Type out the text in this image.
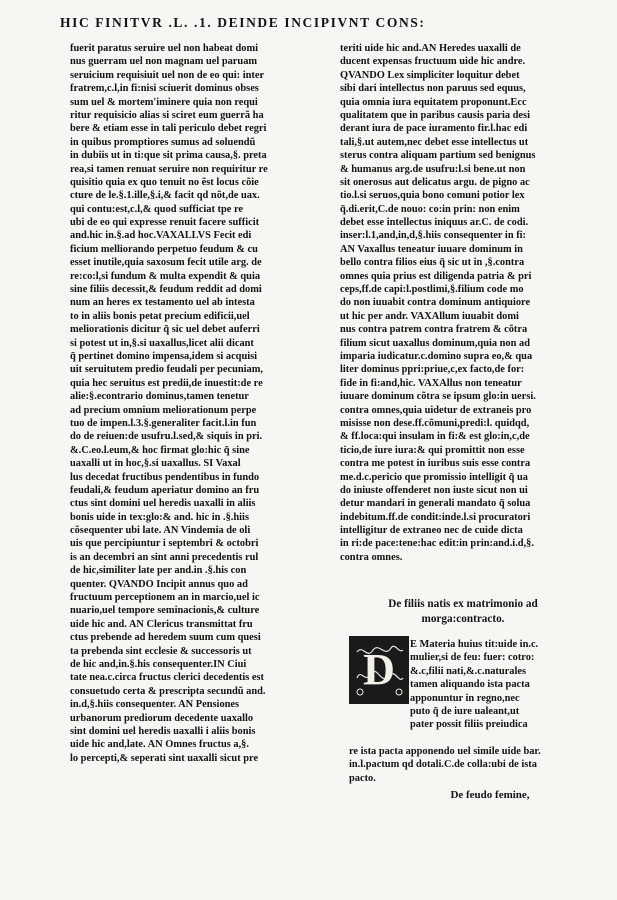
HIC FINITVR .L. .1. DEINDE INCIPIVNT CONS:
fuerit paratus seruire uel non habeat domi
nus guerram uel non magnam uel paruam
seruicium requisiuit uel non de eo qui: inter
fratrem,c.l,in fi:nisi sciuerit dominus obses
sum uel & mortem'iminere quia non requi
ritur requisicio alias si sciret eum guerrã ha
bere & etiam esse in tali periculo debet regri
in quibus promptiores sumus ad soluendũ
in dubiis ut in ti:que sit prima causa,§. preta
rea,si tamen renuat seruire non requiritur re
quisitio quia ex quo tenuit no ẽst locus cõie
cture de le.§.1.ille,§.i,& facit qd nõt,de uax.
qui contu:est,c.l,& quod sufficiat tpe re
ubi de eo qui expresse renuit facere sufficit
and.hic in.§.ad hoc.VAXALLVS Fecit edi
ficium melliorando perpetuo feudum & cu
esset inutile,quia saxosum fecit utile arg. de
re:co:l,si fundum & multa expendit & quia
sine filiis decessit,& feudum reddit ad domi
num an heres ex testamento uel ab intesta
to in aliis bonis petat precium edificii,uel
meliorationis dicitur q̃ sic uel debet auferri
si potest ut in,§.si uaxallus,licet alii dicant
q̃ pertinet domino impensa,idem si acquisi
uit seruitutem predio feudali per pecuniam,
quia hec seruitus est predii,de inuestit:de re
alie:§.econtrario dominus,tamen tenetur
ad precium omnium meliorationum perpe
tuo de impen.l.3.§.generaliter facit.l.in fun
do de reiuen:de usufru.l.sed,& siquis in pri.
&.C.eo.l.eum,& hoc firmat glo:hic q̃ sine
uaxalli ut in hoc,§.si uaxallus. SI Vaxal
lus decedat fructibus pendentibus in fundo
feudali,& feudum aperiatur domino an fru
ctus sint domini uel heredis uaxalli in aliis
bonis uide in tex:glo:& and. hic in .§.hiis
cõsequenter ubi late. AN Vindemia de oli
uis que percipiuntur i septembri & octobri
is an decembri an sint anni precedentis rul
de hic,similiter late per and.in .§.his con
quenter. QVANDO Incipit annus quo ad
fructuum perceptionem an in marcio,uel ic
nuario,uel tempore seminacionis,& culture
uide hic and. AN Clericus transmittat fru
ctus prebende ad heredem suum cum quesi
ta prebenda sint ecclesie & successoris ut
de hic and,in.§.his consequenter.IN Ciui
tate nea.c.circa fructus clerici decedentis est
consuetudo certa & prescripta secundũ and.
in.d,§.hiis consequenter. AN Pensiones
urbanorum prediorum decedente uaxallo
sint domini uel heredis uaxalli i aliis bonis
uide hic and,late. AN Omnes fructus a,§.
lo percepti,& seperati sint uaxalli sicut pre
teriti uide hic and.AN Heredes uaxalli de
ducent expensas fructuum uide hic andre.
QVANDO Lex simpliciter loquitur debet
sibi dari intellectus non paruus sed equus,
quia omnia iura equitatem proponunt.Ecc
qualitatem que in paribus causis paria desi
derant iura de pace iuramento fir.l.hac edi
tali,§.ut autem,nec debet esse intellectus ut
sterus contra aliquam partium sed benignus
& humanus arg.de usufru:l.si bene.ut non
sit onerosus aut delicatus argu. de pigno ac
tio.l.si seruos,quia bono comuni potior lex
q̃.di.erit,C.de nouo: co:in prin: non enim
debet esse intellectus iniquus ar.C. de codi.
inser:l.1,and,in,d,§.hiis consequenter in fi:
AN Vaxallus teneatur iuuare dominum in
bello contra filios eius q̃ sic ut in ,§.contra
omnes quia prius est diligenda patria & pri
ceps,ff.de capi:l.postlimi,§.filium code mo
do non iuuabit contra dominum antiquiore
ut hic per andr. VAXAllum iuuabit domi
nus contra patrem contra fratrem & cõtra
filium sicut uaxallus dominum,quia non ad
imparia iudicatur.c.domino supra eo,& qua
liter dominus ppri:priue,c,ex facto,de for:
fide in fi:and,hic. VAXAllus non teneatur
iuuare dominum cõtra se ipsum glo:in uersi.
contra omnes,quia uidetur de extraneis pro
misisse non dese.ff.cõmuni,predi:l. quidqd,
& ff.loca:qui insulam in fi:& est glo:in,c,de
ticio,de iure iura:& qui promittit non esse
contra me potest in iuribus suis esse contra
me.d.c.pericio que promissio intelligit q̃ ua
do iniuste offenderet non iuste sicut non ui
detur mandari in generali mandato q̃ solua
indebitum.ff.de condit:inde.l.si procuratori
intelligitur de extraneo nec de cuide dicta
in ri:de pace:tene:hac edit:in prin:and.i.d,§.
contra omnes.
De filiis natis ex matrimonio ad
morga:contracto.
D
E Materia huius tit:uide in.c.
mulier,si de feu: fuer: cotro:
&.c,filii nati,&.c.naturales
tamen aliquando ista pacta
apponuntur in regno,nec
puto q̃ de iure ualeant,ut
pater possit filiis preiudica
re ista pacta apponendo uel simile uide bar.
in.l.pactum qd dotali.C.de colla:ubi de ista
pacto.
De feudo femine,
